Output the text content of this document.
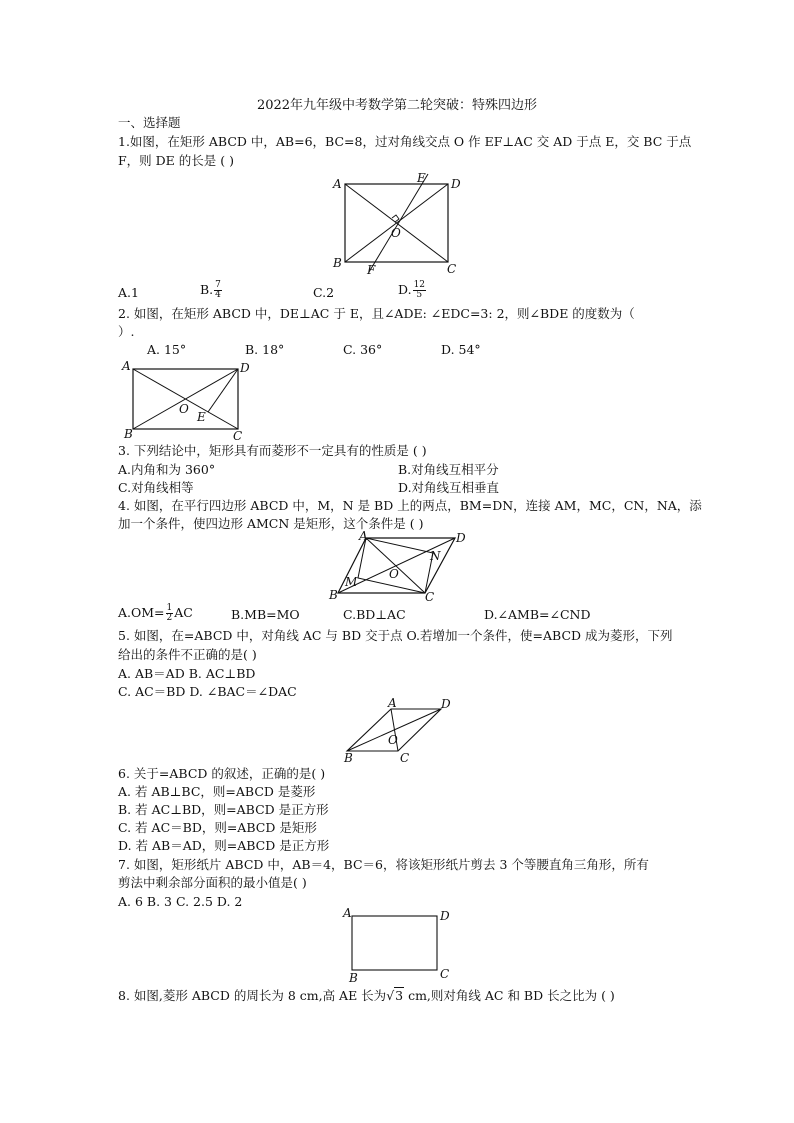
2022年九年级中考数学第二轮突破：特殊四边形
一、选择题
1.如图，在矩形 ABCD 中，AB=6，BC=8，过对角线交点 O 作 EF⊥AC 交 AD 于点 E，交 BC 于点
F，则 DE 的长是 ( )
A	E D
O
B F	C
A.1	B. $\frac{7}{4}$	C.2	D. $\frac{12}{5}$
2. 如图，在矩形 ABCD 中，DE⊥AC 于 E，且∠ADE: ∠EDC=3: 2，则∠BDE 的度数为（
）.
A. 15°	B. 18°	C. 36°	D. 54°
A	D
O
E
B	C
3. 下列结论中，矩形具有而菱形不一定具有的性质是 ( )
A.内角和为 360°	B.对角线互相平分
C.对角线相等	D.对角线互相垂直
4. 如图，在平行四边形 ABCD 中，M，N 是 BD 上的两点，BM=DN，连接 AM，MC，CN，NA，添
加一个条件，使四边形 AMCN 是矩形，这个条件是 ( )
A	D
N
O
M
B	C
$A.OM= \frac{1}{2}$ AC	B.MB=MO	C.BD⊥AC	D.∠AMB=∠CND
5. 如图，在=ABCD 中，对角线 AC 与 BD 交于点 O.若增加一个条件，使=ABCD 成为菱形，下列
给出的条件不正确的是( )
A. AB＝AD B. AC⊥BD
C. AC＝BD D. ∠BAC＝∠DAC
A	D
O
B	C
6. 关于=ABCD 的叙述，正确的是( )
A. 若 AB⊥BC，则=ABCD 是菱形
B. 若 AC⊥BD，则=ABCD 是正方形
C. 若 AC＝BD，则=ABCD 是矩形
D. 若 AB＝AD，则=ABCD 是正方形
7. 如图，矩形纸片 ABCD 中，AB＝4，BC＝6，将该矩形纸片剪去 3 个等腰直角三角形，所有
剪法中剩余部分面积的最小值是( )
A. 6 B. 3 C. 2.5 D. 2
A	D
B	C
8. 如图,菱形 ABCD 的周长为 8 cm,高 AE 长为√3 cm,则对角线 AC 和 BD 长之比为 ( )
